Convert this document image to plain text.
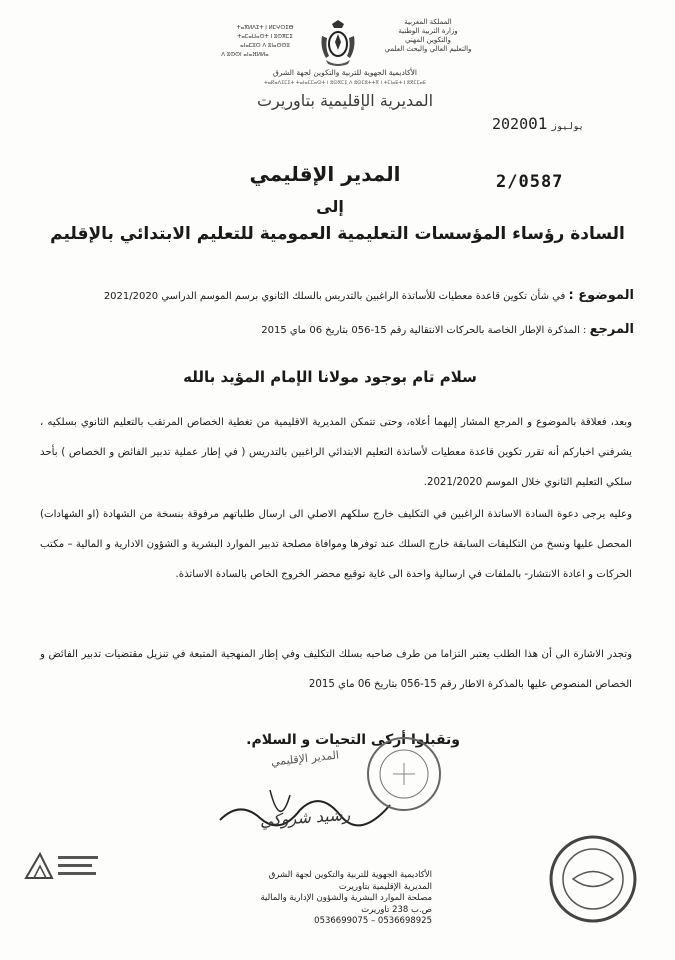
ⵜⴰⴳⵍⴷⵉⵜ ⵏ ⵍⵎⵖⵔⵉⴱ
ⵜⴰⵎⴰⵡⴰⵙⵜ ⵏ ⵓⵙⴳⵎⵉ
ⴰⵏⴰⵎⵓⵔ ⴷ ⵓⵏⴰⵙⵙⵓ
ⴷ ⵓⵙⵙⵏ ⴰⵏⴰⴼⵍⵍⴰ
المملكة المغربية
وزارة التربية الوطنية
والتكوين المهني
والتعليم العالي والبحث العلمي
الأكاديمية الجهوية للتربية والتكوين لجهة الشرق
ⵜⴰⴽⴰⴷⵉⵎⵉⵜ ⵜⴰⵏⴰⵎⵎⴰⵙⵜ ⵏ ⵓⵙⴳⵎⵉ ⴷ ⵓⵙⵎⵓⵜⵜⴳ ⵏ ⵜⵎⵏⴰⴹⵜ ⵏ ⵓⴳⵎⵎⴰⴹ
المديرية الإقليمية بتاوريرت
2020	يوليوز01
المدير الإقليمي	2/0587
إلى
السادة رؤساء المؤسسات التعليمية العمومية للتعليم الابتدائي بالإقليم
الموضوع : في شأن تكوين قاعدة معطيات للأساتذة الراغبين بالتدريس بالسلك الثانوي برسم الموسم الدراسي 2021/2020
المرجع : المذكرة الإطار الخاصة بالحركات الانتقالية رقم 15-056 بتاريخ 06 ماي 2015
سلام تام بوجود مولانا الإمام المؤيد بالله
وبعد، فعلاقة بالموضوع و المرجع المشار إليهما أعلاه، وحتى تتمكن المديرية الاقليمية من تغطية الخصاص المرتقب بالتعليم الثانوي بسلكيه ، يشرفني اخباركم أنه تقرر تكوين قاعدة معطيات لأساتذة التعليم الابتدائي الراغبين بالتدريس ( في إطار عملية تدبير الفائض و الخصاص ) بأحد سلكي التعليم الثانوي خلال الموسم 2021/2020.
وعليه يرجى دعوة السادة الاساتذة الراغبين في التكليف خارج سلكهم الاصلي الى ارسال طلباتهم مرفوقة بنسخة من الشهادة (او الشهادات) المحصل عليها ونسخ من التكليفات السابقة خارج السلك عند توفرها وموافاة مصلحة تدبير الموارد البشرية و الشؤون الادارية و المالية – مكتب الحركات و اعادة الانتشار- بالملفات في ارسالية واحدة الى غاية توقيع محضر الخروج الخاص بالسادة الاساتذة.
وتجدر الاشارة الى أن هذا الطلب يعتبر التزاما من طرف صاحبه بسلك التكليف وفي إطار المنهجية المتبعة في تنزيل مقتضيات تدبير الفائض و الخصاص المنصوص عليها بالمذكرة الاطار رقم 15-056 بتاريخ 06 ماي 2015
وتقبلوا أزكى التحيات و السلام.
المدير الإقليمي
رشيد شروكي
الأكاديمية الجهوية للتربية والتكوين لجهة الشرق
المديرية الإقليمية بتاوريرت
مصلحة الموارد البشرية والشؤون الإدارية والمالية
ص.ب 238 تاوريرت
0536699075 – 0536698925
